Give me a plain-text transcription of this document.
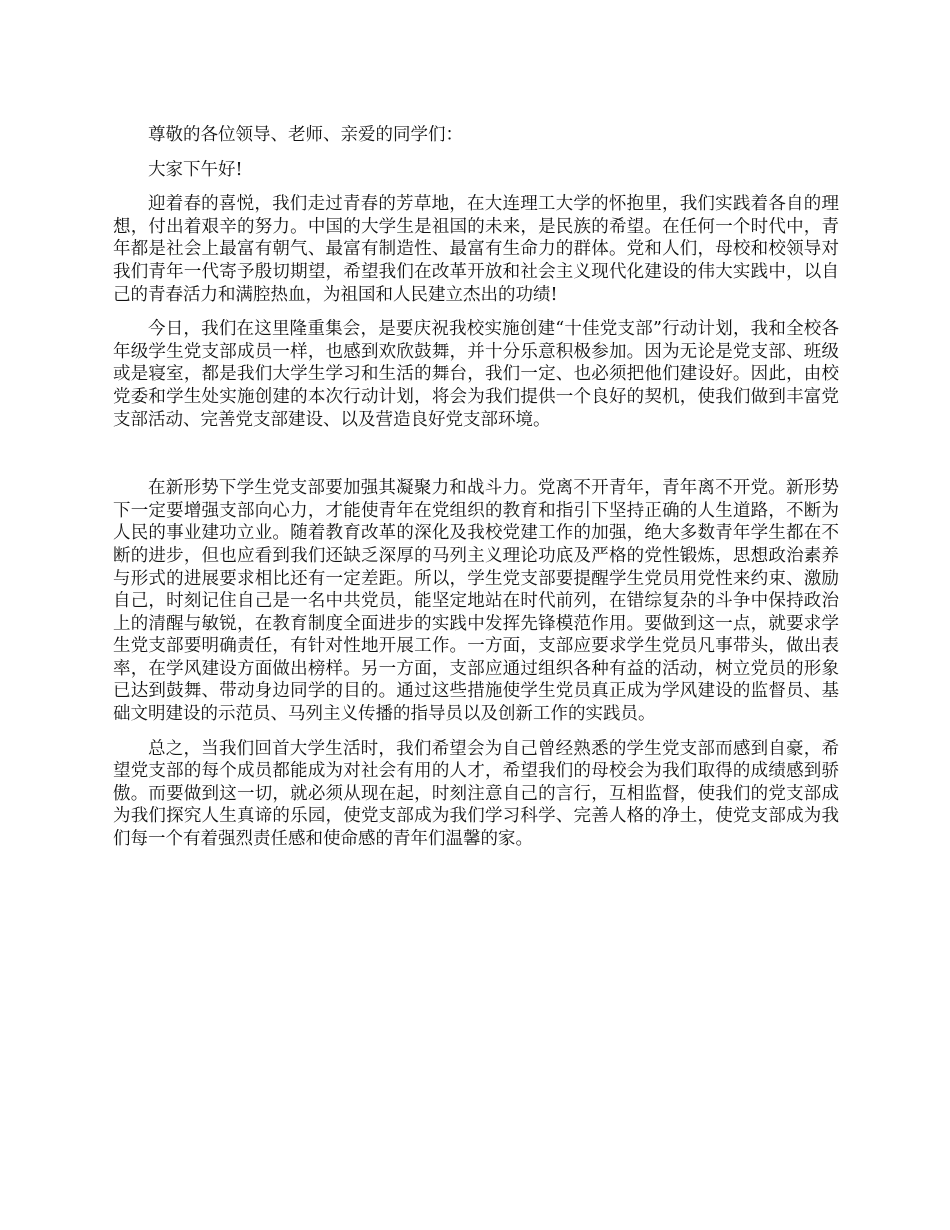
尊敬的各位领导、老师、亲爱的同学们：

大家下午好!

迎着春的喜悦，我们走过青春的芳草地，在大连理工大学的怀抱里，我们实践着各自的理想，付出着艰辛的努力。中国的大学生是祖国的未来，是民族的希望。在任何一个时代中，青年都是社会上最富有朝气、最富有制造性、最富有生命力的群体。党和人们，母校和校领导对我们青年一代寄予殷切期望，希望我们在改革开放和社会主义现代化建设的伟大实践中，以自己的青春活力和满腔热血，为祖国和人民建立杰出的功绩!

今日，我们在这里隆重集会，是要庆祝我校实施创建“十佳党支部”行动计划，我和全校各年级学生党支部成员一样，也感到欢欣鼓舞，并十分乐意积极参加。因为无论是党支部、班级或是寝室，都是我们大学生学习和生活的舞台，我们一定、也必须把他们建设好。因此，由校党委和学生处实施创建的本次行动计划，将会为我们提供一个良好的契机，使我们做到丰富党支部活动、完善党支部建设、以及营造良好党支部环境。

在新形势下学生党支部要加强其凝聚力和战斗力。党离不开青年，青年离不开党。新形势下一定要增强支部向心力，才能使青年在党组织的教育和指引下坚持正确的人生道路，不断为人民的事业建功立业。随着教育改革的深化及我校党建工作的加强，绝大多数青年学生都在不断的进步，但也应看到我们还缺乏深厚的马列主义理论功底及严格的党性锻炼，思想政治素养与形式的进展要求相比还有一定差距。所以，学生党支部要提醒学生党员用党性来约束、激励自己，时刻记住自己是一名中共党员，能坚定地站在时代前列，在错综复杂的斗争中保持政治上的清醒与敏锐，在教育制度全面进步的实践中发挥先锋模范作用。要做到这一点，就要求学生党支部要明确责任，有针对性地开展工作。一方面，支部应要求学生党员凡事带头，做出表率，在学风建设方面做出榜样。另一方面，支部应通过组织各种有益的活动，树立党员的形象已达到鼓舞、带动身边同学的目的。通过这些措施使学生党员真正成为学风建设的监督员、基础文明建设的示范员、马列主义传播的指导员以及创新工作的实践员。

总之，当我们回首大学生活时，我们希望会为自己曾经熟悉的学生党支部而感到自豪，希望党支部的每个成员都能成为对社会有用的人才，希望我们的母校会为我们取得的成绩感到骄傲。而要做到这一切，就必须从现在起，时刻注意自己的言行，互相监督，使我们的党支部成为我们探究人生真谛的乐园，使党支部成为我们学习科学、完善人格的净土，使党支部成为我们每一个有着强烈责任感和使命感的青年们温馨的家。
